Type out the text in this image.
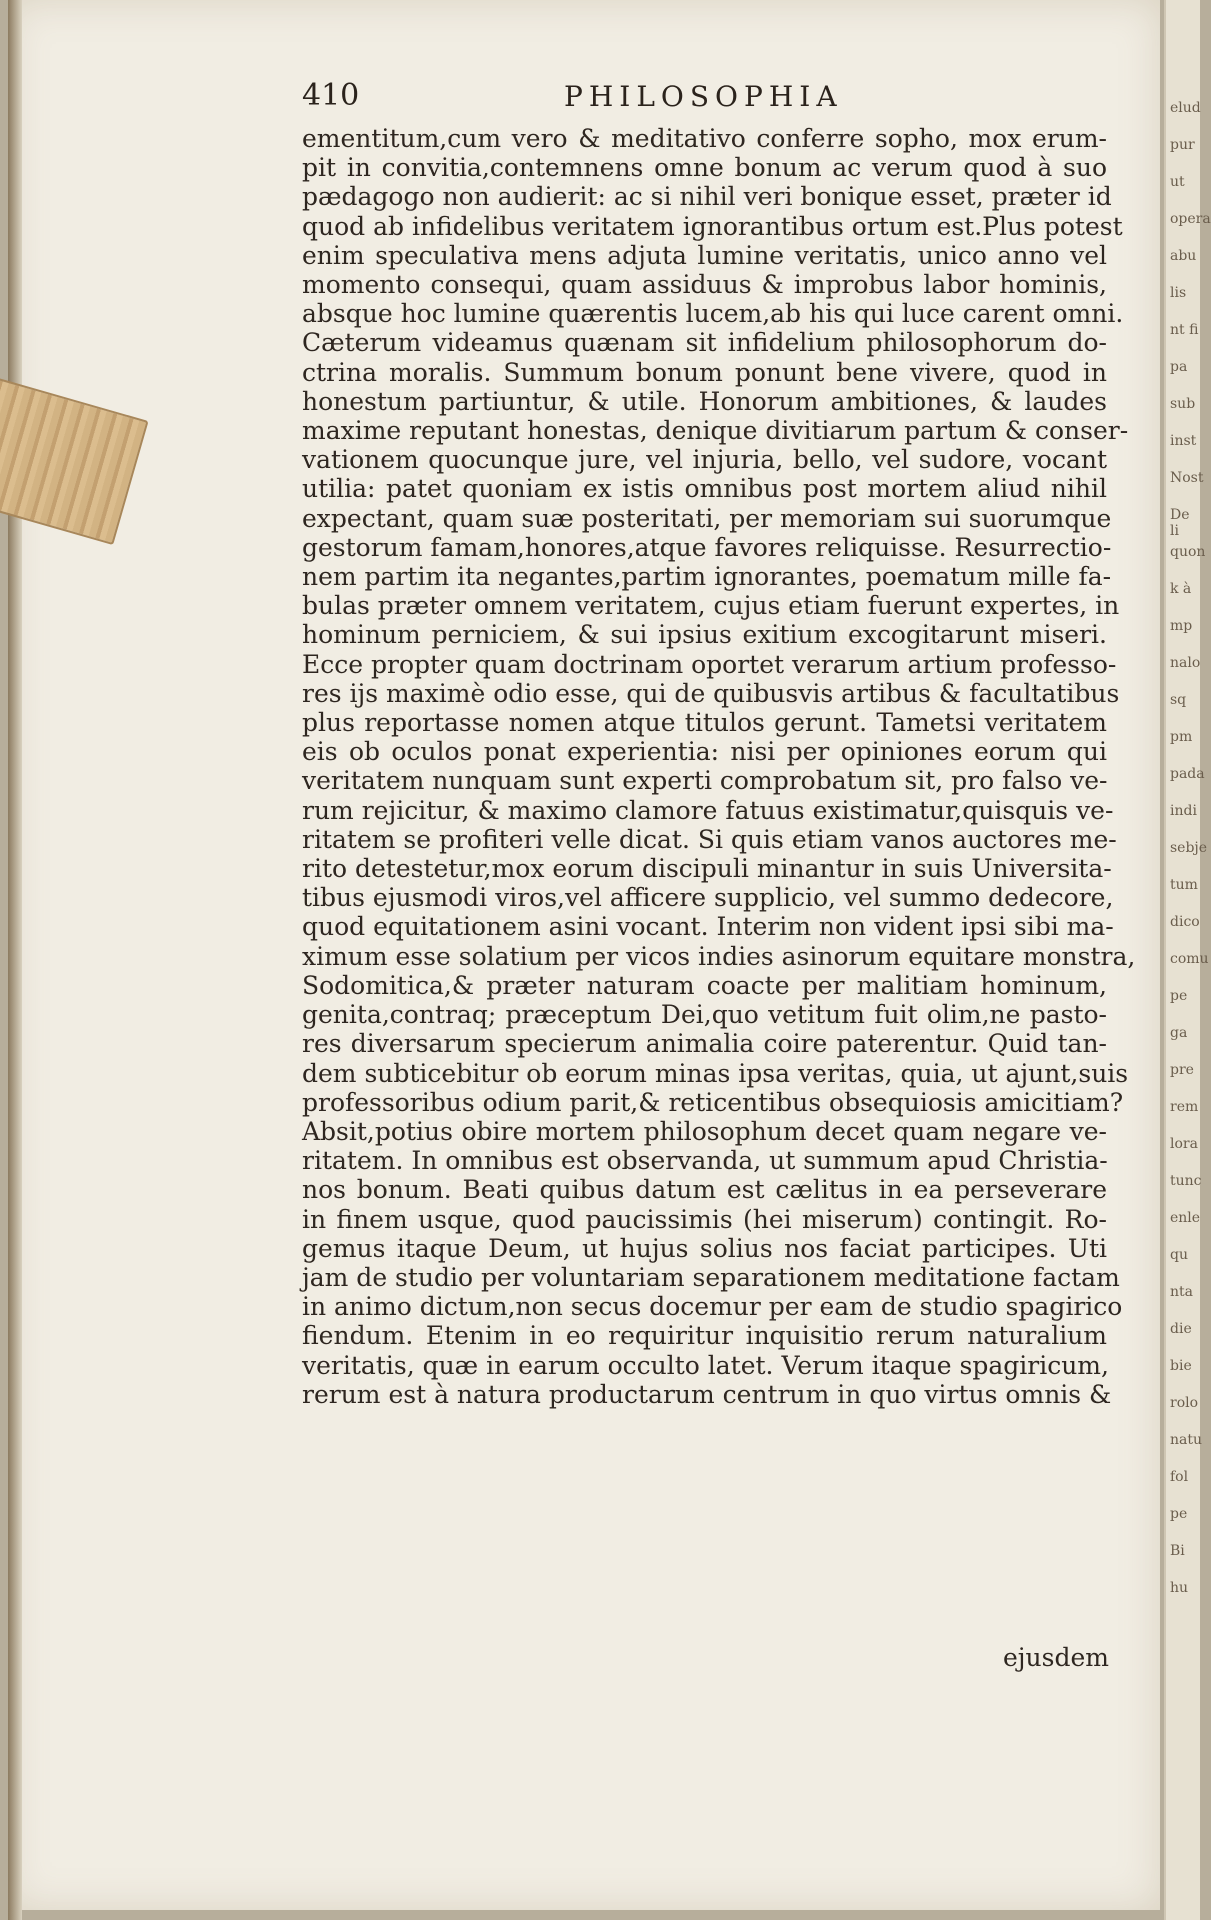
elud
pur
ut
opera
abu
lis
nt fi
pa
sub
inst
Nost
De li
quon
k à
mp
nalo
sq
pm
pada
indi
sebje
tum
dico
comu
pe
ga
pre
rem
lora
tunc
enle
qu
nta
die
bie
rolo
natu
fol
pe
Bi
hu
410	PHILOSOPHIA
ementitum,cum vero & meditativo conferre sopho, mox erum-
pit in convitia,contemnens omne bonum ac verum quod à suo
pædagogo non audierit: ac si nihil veri bonique esset, præter id
quod ab infidelibus veritatem ignorantibus ortum est.Plus potest
enim speculativa mens adjuta lumine veritatis, unico anno vel
momento consequi, quam assiduus & improbus labor hominis,
absque hoc lumine quærentis lucem,ab his qui luce carent omni.
Cæterum videamus quænam sit infidelium philosophorum do-
ctrina moralis. Summum bonum ponunt bene vivere, quod in
honestum partiuntur, & utile. Honorum ambitiones, & laudes
maxime reputant honestas, denique divitiarum partum & conser-
vationem quocunque jure, vel injuria, bello, vel sudore, vocant
utilia: patet quoniam ex istis omnibus post mortem aliud nihil
expectant, quam suæ posteritati, per memoriam sui suorumque
gestorum famam,honores,atque favores reliquisse. Resurrectio-
nem partim ita negantes,partim ignorantes, poematum mille fa-
bulas præter omnem veritatem, cujus etiam fuerunt expertes, in
hominum perniciem, & sui ipsius exitium excogitarunt miseri.
Ecce propter quam doctrinam oportet verarum artium professo-
res ijs maximè odio esse, qui de quibusvis artibus & facultatibus
plus reportasse nomen atque titulos gerunt. Tametsi veritatem
eis ob oculos ponat experientia: nisi per opiniones eorum qui
veritatem nunquam sunt experti comprobatum sit, pro falso ve-
rum rejicitur, & maximo clamore fatuus existimatur,quisquis ve-
ritatem se profiteri velle dicat. Si quis etiam vanos auctores me-
rito detestetur,mox eorum discipuli minantur in suis Universita-
tibus ejusmodi viros,vel afficere supplicio, vel summo dedecore,
quod equitationem asini vocant. Interim non vident ipsi sibi ma-
ximum esse solatium per vicos indies asinorum equitare monstra,
Sodomitica,& præter naturam coacte per malitiam hominum,
genita,contraq; præceptum Dei,quo vetitum fuit olim,ne pasto-
res diversarum specierum animalia coire paterentur. Quid tan-
dem subticebitur ob eorum minas ipsa veritas, quia, ut ajunt,suis
professoribus odium parit,& reticentibus obsequiosis amicitiam?
Absit,potius obire mortem philosophum decet quam negare ve-
ritatem. In omnibus est observanda, ut summum apud Christia-
nos bonum. Beati quibus datum est cælitus in ea perseverare
in finem usque, quod paucissimis (hei miserum) contingit. Ro-
gemus itaque Deum, ut hujus solius nos faciat participes. Uti
jam de studio per voluntariam separationem meditatione factam
in animo dictum,non secus docemur per eam de studio spagirico
fiendum. Etenim in eo requiritur inquisitio rerum naturalium
veritatis, quæ in earum occulto latet. Verum itaque spagiricum,
rerum est à natura productarum centrum in quo virtus omnis &
ejusdem
